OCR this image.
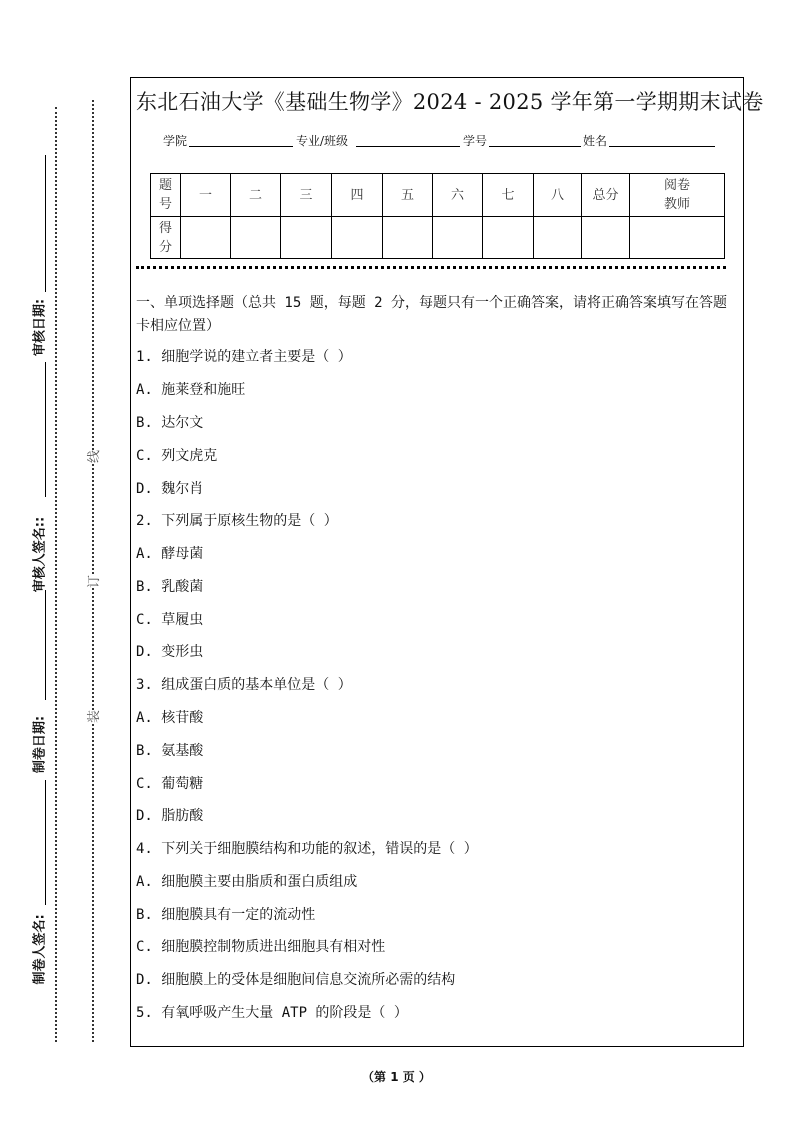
审核日期:
审核人签名::
制卷日期:
制卷人签名:
线
订
装
东北石油大学《基础生物学》2024 - 2025 学年第一学期期末试卷
学院	专业/班级	学号	姓名
题
号	一	二	三	四	五	六	七	八	总分	阅卷
教师
得
分										
一、单项选择题（总共 15 题，每题 2 分，每题只有一个正确答案，请将正确答案填写在答题卡相应位置）
1. 细胞学说的建立者主要是（ ）
A. 施莱登和施旺
B. 达尔文
C. 列文虎克
D. 魏尔肖
2. 下列属于原核生物的是（ ）
A. 酵母菌
B. 乳酸菌
C. 草履虫
D. 变形虫
3. 组成蛋白质的基本单位是（ ）
A. 核苷酸
B. 氨基酸
C. 葡萄糖
D. 脂肪酸
4. 下列关于细胞膜结构和功能的叙述，错误的是（ ）
A. 细胞膜主要由脂质和蛋白质组成
B. 细胞膜具有一定的流动性
C. 细胞膜控制物质进出细胞具有相对性
D. 细胞膜上的受体是细胞间信息交流所必需的结构
5. 有氧呼吸产生大量 ATP 的阶段是（ ）
（第 1 页 ）
